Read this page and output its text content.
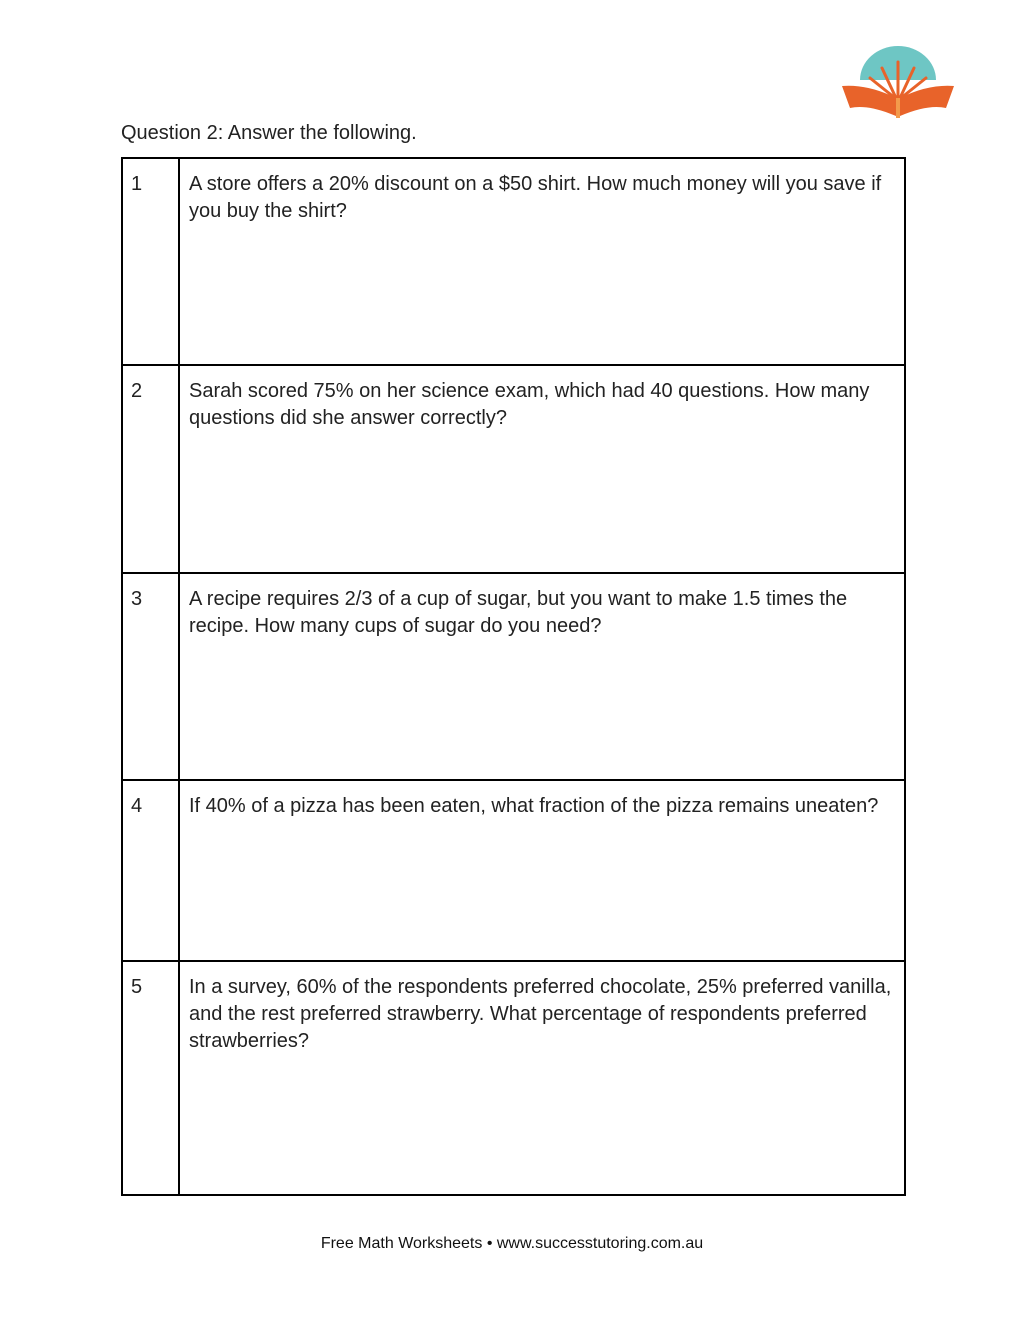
Question 2: Answer the following.
1	A store offers a 20% discount on a $50 shirt. How much money will you save if you buy the shirt?
2	Sarah scored 75% on her science exam, which had 40 questions. How many questions did she answer correctly?
3	A recipe requires 2/3 of a cup of sugar, but you want to make 1.5 times the recipe. How many cups of sugar do you need?
4	If 40% of a pizza has been eaten, what fraction of the pizza remains uneaten?
5	In a survey, 60% of the respondents preferred chocolate, 25% preferred vanilla, and the rest preferred strawberry. What percentage of respondents preferred strawberries?
Free Math Worksheets • www.successtutoring.com.au
